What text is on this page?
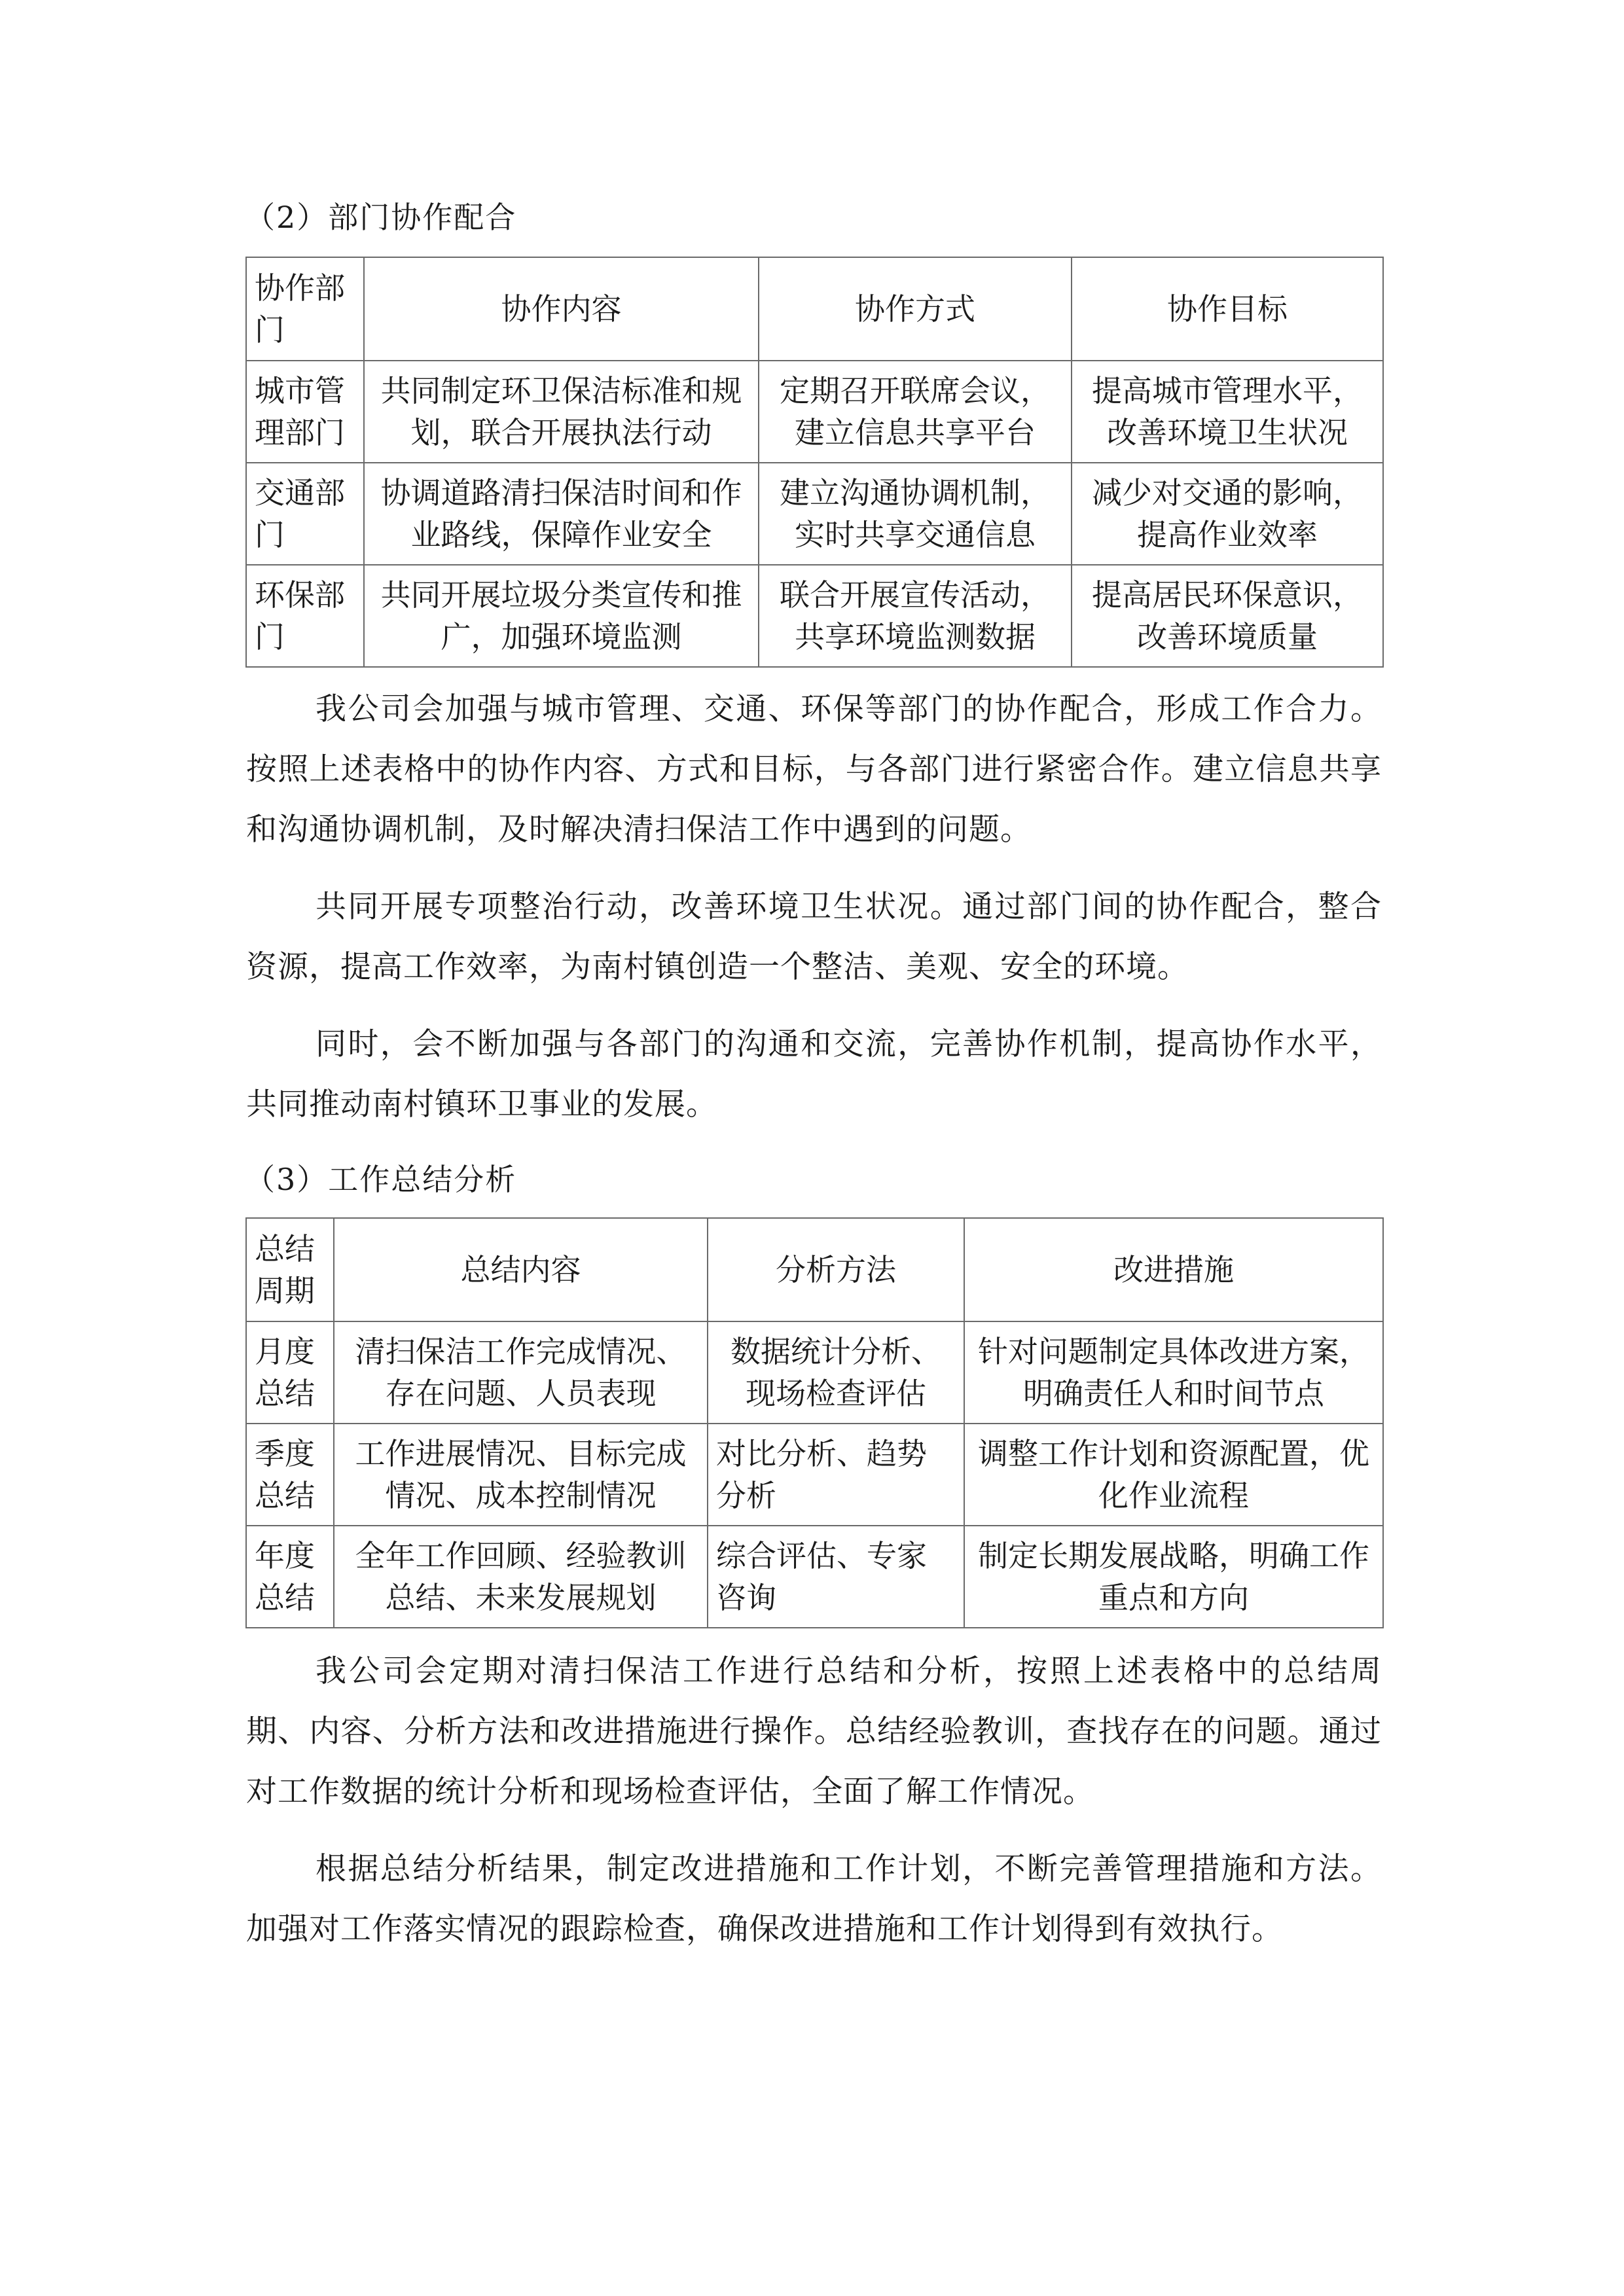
（2）部门协作配合
协作部门	协作内容	协作方式	协作目标
城市管理部门	共同制定环卫保洁标准和规划，联合开展执法行动	定期召开联席会议，建立信息共享平台	提高城市管理水平，改善环境卫生状况
交通部门	协调道路清扫保洁时间和作业路线，保障作业安全	建立沟通协调机制，实时共享交通信息	减少对交通的影响，提高作业效率
环保部门	共同开展垃圾分类宣传和推广，加强环境监测	联合开展宣传活动，共享环境监测数据	提高居民环保意识，改善环境质量

我公司会加强与城市管理、交通、环保等部门的协作配合，形成工作合力。按照上述表格中的协作内容、方式和目标，与各部门进行紧密合作。建立信息共享和沟通协调机制，及时解决清扫保洁工作中遇到的问题。

共同开展专项整治行动，改善环境卫生状况。通过部门间的协作配合，整合资源，提高工作效率，为南村镇创造一个整洁、美观、安全的环境。

同时，会不断加强与各部门的沟通和交流，完善协作机制，提高协作水平，共同推动南村镇环卫事业的发展。

（3）工作总结分析
总结周期	总结内容	分析方法	改进措施
月度总结	清扫保洁工作完成情况、存在问题、人员表现	数据统计分析、现场检查评估	针对问题制定具体改进方案，明确责任人和时间节点
季度总结	工作进展情况、目标完成情况、成本控制情况	对比分析、趋势分析	调整工作计划和资源配置，优化作业流程
年度总结	全年工作回顾、经验教训总结、未来发展规划	综合评估、专家咨询	制定长期发展战略，明确工作重点和方向

我公司会定期对清扫保洁工作进行总结和分析，按照上述表格中的总结周期、内容、分析方法和改进措施进行操作。总结经验教训，查找存在的问题。通过对工作数据的统计分析和现场检查评估，全面了解工作情况。

根据总结分析结果，制定改进措施和工作计划，不断完善管理措施和方法。加强对工作落实情况的跟踪检查，确保改进措施和工作计划得到有效执行。
